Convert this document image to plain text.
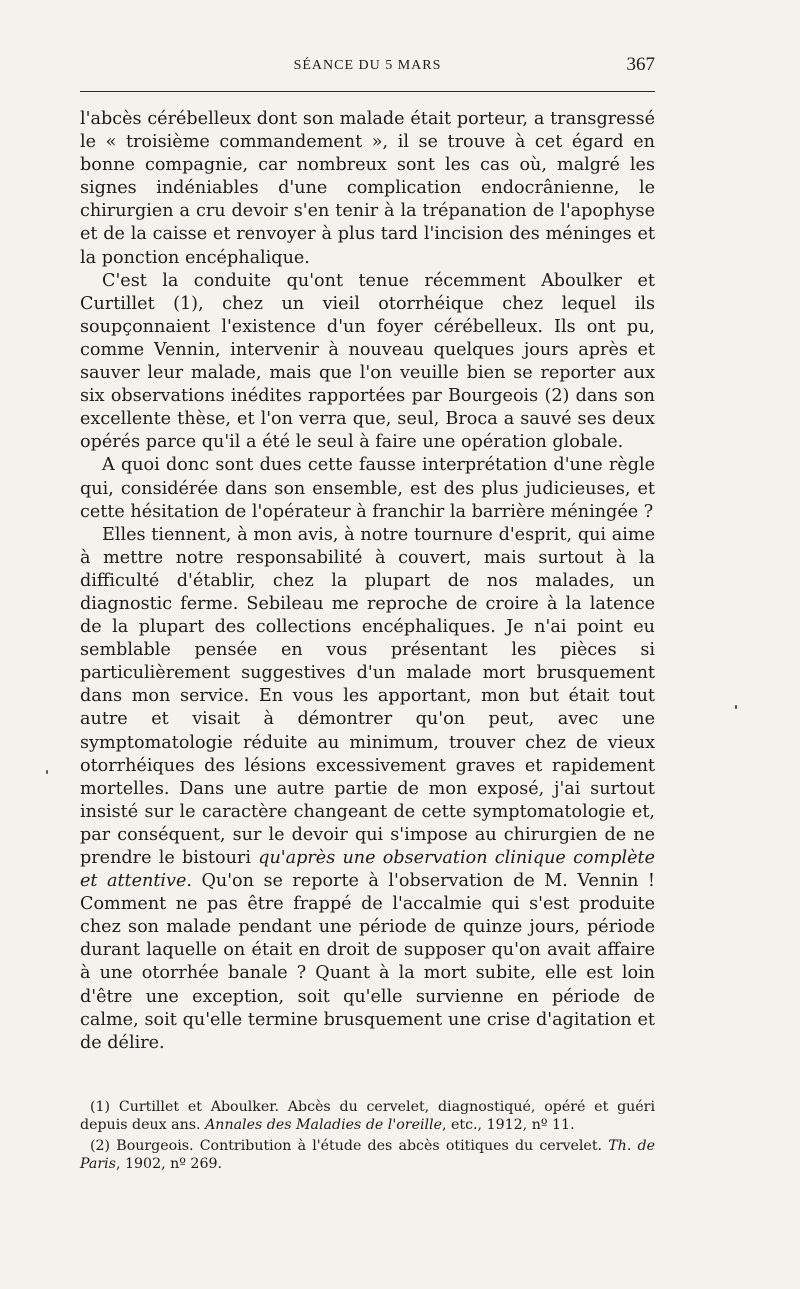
SÉANCE DU 5 MARS	367

l'abcès cérébelleux dont son malade était porteur, a transgressé le « troisième commandement », il se trouve à cet égard en bonne compagnie, car nombreux sont les cas où, malgré les signes indéniables d'une complication endocrânienne, le chirurgien a cru devoir s'en tenir à la trépanation de l'apophyse et de la caisse et renvoyer à plus tard l'incision des méninges et la ponction encéphalique.

C'est la conduite qu'ont tenue récemment Aboulker et Curtillet (1), chez un vieil otorrhéique chez lequel ils soupçonnaient l'existence d'un foyer cérébelleux. Ils ont pu, comme Vennin, intervenir à nouveau quelques jours après et sauver leur malade, mais que l'on veuille bien se reporter aux six observations inédites rapportées par Bourgeois (2) dans son excellente thèse, et l'on verra que, seul, Broca a sauvé ses deux opérés parce qu'il a été le seul à faire une opération globale.

A quoi donc sont dues cette fausse interprétation d'une règle qui, considérée dans son ensemble, est des plus judicieuses, et cette hésitation de l'opérateur à franchir la barrière méningée ?

Elles tiennent, à mon avis, à notre tournure d'esprit, qui aime à mettre notre responsabilité à couvert, mais surtout à la difficulté d'établir, chez la plupart de nos malades, un diagnostic ferme. Sebileau me reproche de croire à la latence de la plupart des collections encéphaliques. Je n'ai point eu semblable pensée en vous présentant les pièces si particulièrement suggestives d'un malade mort brusquement dans mon service. En vous les apportant, mon but était tout autre et visait à démontrer qu'on peut, avec une symptomatologie réduite au minimum, trouver chez de vieux otorrhéiques des lésions excessivement graves et rapidement mortelles. Dans une autre partie de mon exposé, j'ai surtout insisté sur le caractère changeant de cette symptomatologie et, par conséquent, sur le devoir qui s'impose au chirurgien de ne prendre le bistouri qu'après une observation clinique complète et attentive. Qu'on se reporte à l'observation de M. Vennin ! Comment ne pas être frappé de l'accalmie qui s'est produite chez son malade pendant une période de quinze jours, période durant laquelle on était en droit de supposer qu'on avait affaire à une otorrhée banale ? Quant à la mort subite, elle est loin d'être une exception, soit qu'elle survienne en période de calme, soit qu'elle termine brusquement une crise d'agitation et de délire.

(1) Curtillet et Aboulker. Abcès du cervelet, diagnostiqué, opéré et guéri depuis deux ans. Annales des Maladies de l'oreille, etc., 1912, nº 11.

(2) Bourgeois. Contribution à l'étude des abcès otitiques du cervelet. Th. de Paris, 1902, nº 269.
